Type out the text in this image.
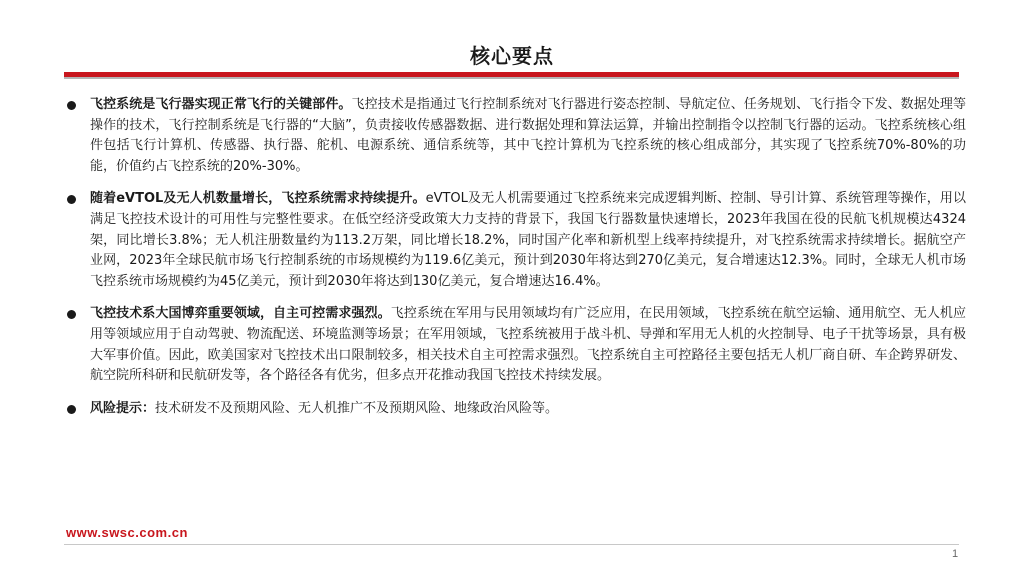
核心要点
飞控系统是飞行器实现正常飞行的关键部件。飞控技术是指通过飞行控制系统对飞行器进行姿态控制、导航定位、任务规划、飞行指令下发、数据处理等操作的技术，飞行控制系统是飞行器的“大脑”，负责接收传感器数据、进行数据处理和算法运算，并输出控制指令以控制飞行器的运动。飞控系统核心组件包括飞行计算机、传感器、执行器、舵机、电源系统、通信系统等，其中飞控计算机为飞控系统的核心组成部分，其实现了飞控系统70%-80%的功能，价值约占飞控系统的20%-30%。
随着eVTOL及无人机数量增长，飞控系统需求持续提升。eVTOL及无人机需要通过飞控系统来完成逻辑判断、控制、导引计算、系统管理等操作，用以满足飞控技术设计的可用性与完整性要求。在低空经济受政策大力支持的背景下，我国飞行器数量快速增长，2023年我国在役的民航飞机规模达4324架，同比增长3.8%；无人机注册数量约为113.2万架，同比增长18.2%，同时国产化率和新机型上线率持续提升，对飞控系统需求持续增长。据航空产业网，2023年全球民航市场飞行控制系统的市场规模约为119.6亿美元，预计到2030年将达到270亿美元，复合增速达12.3%。同时，全球无人机市场飞控系统市场规模约为45亿美元，预计到2030年将达到130亿美元，复合增速达16.4%。
飞控技术系大国博弈重要领域，自主可控需求强烈。飞控系统在军用与民用领域均有广泛应用，在民用领域，飞控系统在航空运输、通用航空、无人机应用等领域应用于自动驾驶、物流配送、环境监测等场景；在军用领域，飞控系统被用于战斗机、导弹和军用无人机的火控制导、电子干扰等场景，具有极大军事价值。因此，欧美国家对飞控技术出口限制较多，相关技术自主可控需求强烈。飞控系统自主可控路径主要包括无人机厂商自研、车企跨界研发、航空院所科研和民航研发等，各个路径各有优劣，但多点开花推动我国飞控技术持续发展。
风险提示：技术研发不及预期风险、无人机推广不及预期风险、地缘政治风险等。
www.swsc.com.cn
1
